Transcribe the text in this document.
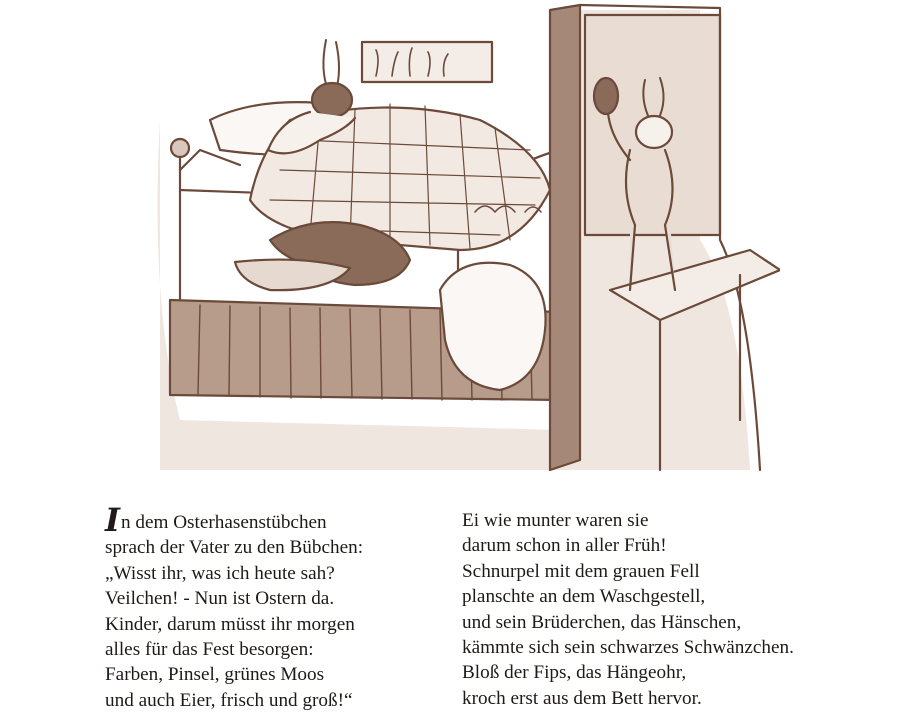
In dem Osterhasenstübchen
sprach der Vater zu den Bübchen:
„Wisst ihr, was ich heute sah?
Veilchen! - Nun ist Ostern da.
Kinder, darum müsst ihr morgen
alles für das Fest besorgen:
Farben, Pinsel, grünes Moos
und auch Eier, frisch und groß!“
Ei wie munter waren sie
darum schon in aller Früh!
Schnurpel mit dem grauen Fell
planschte an dem Waschgestell,
und sein Brüderchen, das Hänschen,
kämmte sich sein schwarzes Schwänzchen.
Bloß der Fips, das Hängeohr,
kroch erst aus dem Bett hervor.
